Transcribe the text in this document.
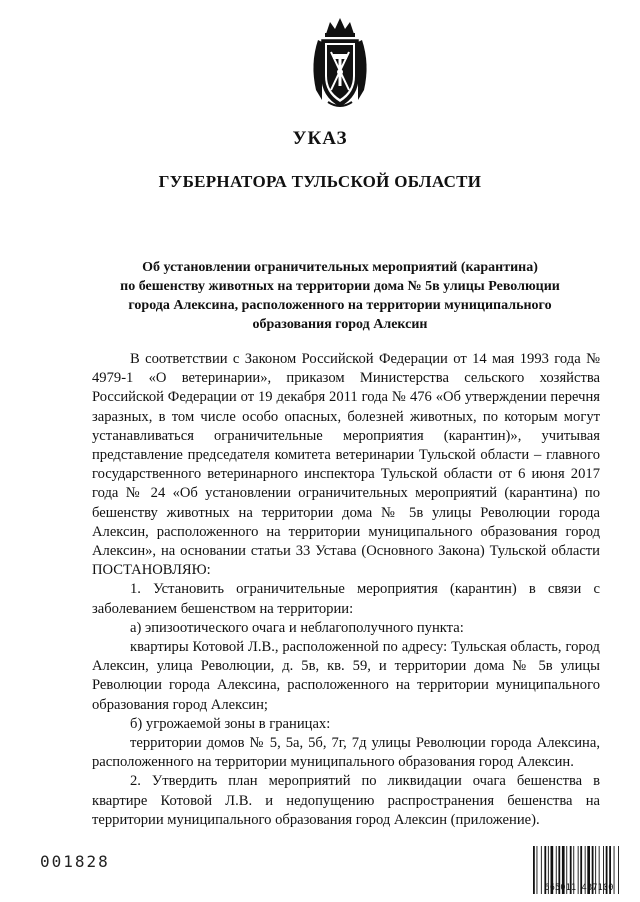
УКАЗ
ГУБЕРНАТОРА ТУЛЬСКОЙ ОБЛАСТИ
Об установлении ограничительных мероприятий (карантина)
по бешенству животных на территории дома № 5в улицы Революции
города Алексина, расположенного на территории муниципального
образования город Алексин

В соответствии с Законом Российской Федерации от 14 мая 1993 года № 4979-1 «О ветеринарии», приказом Министерства сельского хозяйства Российской Федерации от 19 декабря 2011 года № 476 «Об утверждении перечня заразных, в том числе особо опасных, болезней животных, по которым могут устанавливаться ограничительные мероприятия (карантин)», учитывая представление председателя комитета ветеринарии Тульской области – главного государственного ветеринарного инспектора Тульской области от 6 июня 2017 года № 24 «Об установлении ограничительных мероприятий (карантина) по бешенству животных на территории дома № 5в улицы Революции города Алексин, расположенного на территории муниципального образования город Алексин», на основании статьи 33 Устава (Основного Закона) Тульской области ПОСТАНОВЛЯЮ:

1. Установить ограничительные мероприятия (карантин) в связи с заболеванием бешенством на территории:

а) эпизоотического очага и неблагополучного пункта:

квартиры Котовой Л.В., расположенной по адресу: Тульская область, город Алексин, улица Революции, д. 5в, кв. 59, и территории дома № 5в улицы Революции города Алексина, расположенного на территории муниципального образования город Алексин;

б) угрожаемой зоны в границах:

территории домов № 5, 5а, 5б, 7г, 7д улицы Революции города Алексина, расположенного на территории муниципального образования город Алексин.

2. Утвердить план мероприятий по ликвидации очага бешенства в квартире Котовой Л.В. и недопущению распространения бешенства на территории муниципального образования город Алексин (приложение).

001828
665011 437100
